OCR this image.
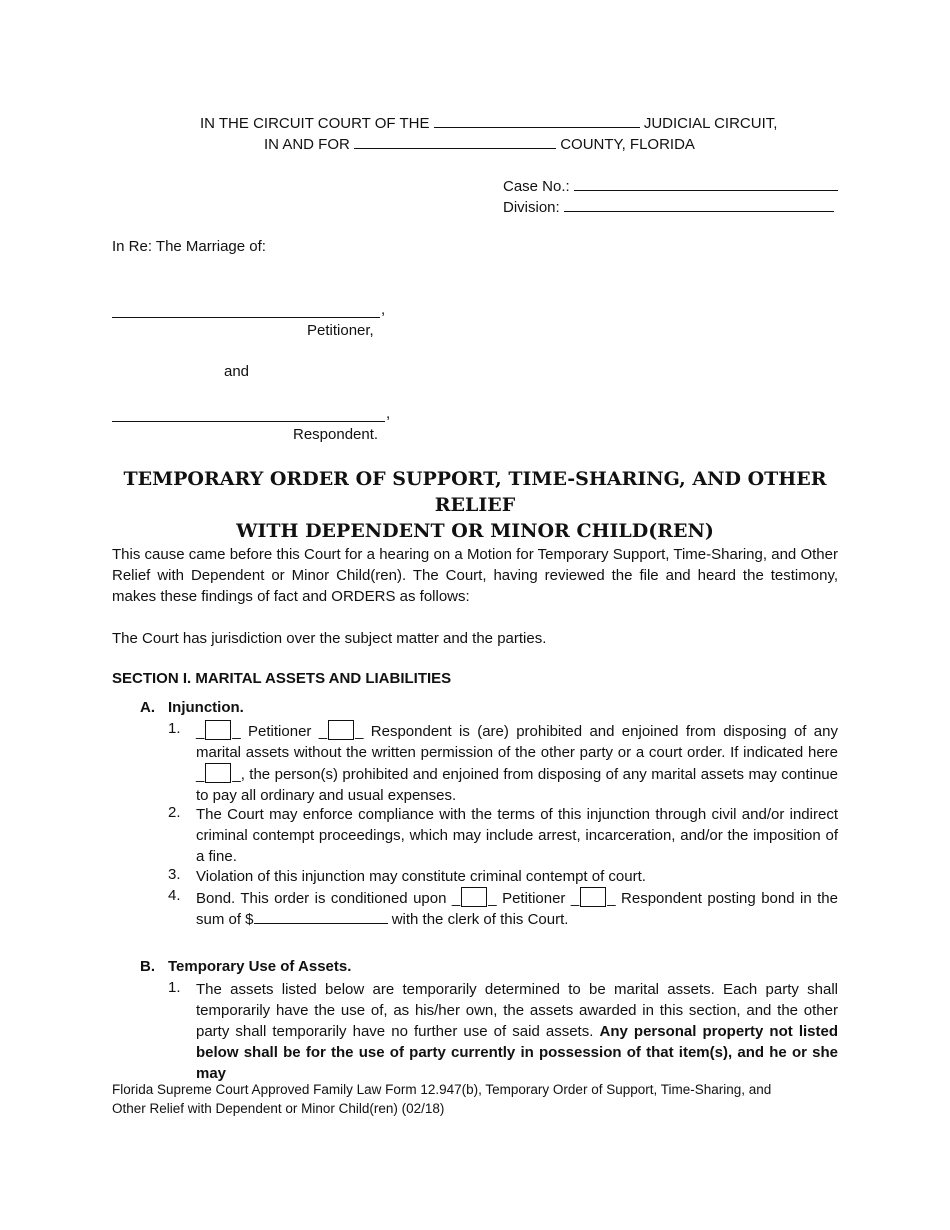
IN THE CIRCUIT COURT OF THE	JUDICIAL CIRCUIT,
IN AND FOR	COUNTY, FLORIDA
Case No.:
Division:
In Re: The Marriage of:
,
Petitioner,
and
,
Respondent.
TEMPORARY ORDER OF SUPPORT, TIME-SHARING, AND OTHER RELIEF
WITH DEPENDENT OR MINOR CHILD(REN)
This cause came before this Court for a hearing on a Motion for Temporary Support, Time-Sharing, and Other Relief with Dependent or Minor Child(ren). The Court, having reviewed the file and heard the testimony, makes these findings of fact and ORDERS as follows:
The Court has jurisdiction over the subject matter and the parties.
SECTION I. MARITAL ASSETS AND LIABILITIES
A. Injunction.
1. _ _ Petitioner _ _ Respondent is (are) prohibited and enjoined from disposing of any marital assets without the written permission of the other party or a court order. If indicated here _ _, the person(s) prohibited and enjoined from disposing of any marital assets may continue to pay all ordinary and usual expenses.
2. The Court may enforce compliance with the terms of this injunction through civil and/or indirect criminal contempt proceedings, which may include arrest, incarceration, and/or the imposition of a fine.
3. Violation of this injunction may constitute criminal contempt of court.
4. Bond. This order is conditioned upon _ _ Petitioner _ _ Respondent posting bond in the sum of $	with the clerk of this Court.
B. Temporary Use of Assets.
1. The assets listed below are temporarily determined to be marital assets. Each party shall temporarily have the use of, as his/her own, the assets awarded in this section, and the other party shall temporarily have no further use of said assets. Any personal property not listed below shall be for the use of party currently in possession of that item(s), and he or she may
Florida Supreme Court Approved Family Law Form 12.947(b), Temporary Order of Support, Time-Sharing, and
Other Relief with Dependent or Minor Child(ren) (02/18)
